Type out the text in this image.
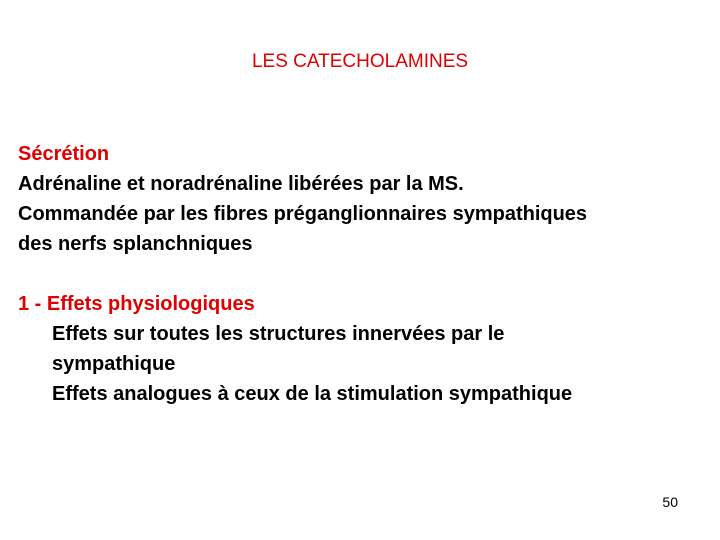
LES CATECHOLAMINES
Sécrétion
Adrénaline et noradrénaline libérées par la MS.
Commandée par les fibres préganglionnaires sympathiques
des nerfs splanchniques
1 - Effets physiologiques
Effets sur toutes les structures innervées par le
sympathique
Effets analogues à ceux de la stimulation sympathique
50
